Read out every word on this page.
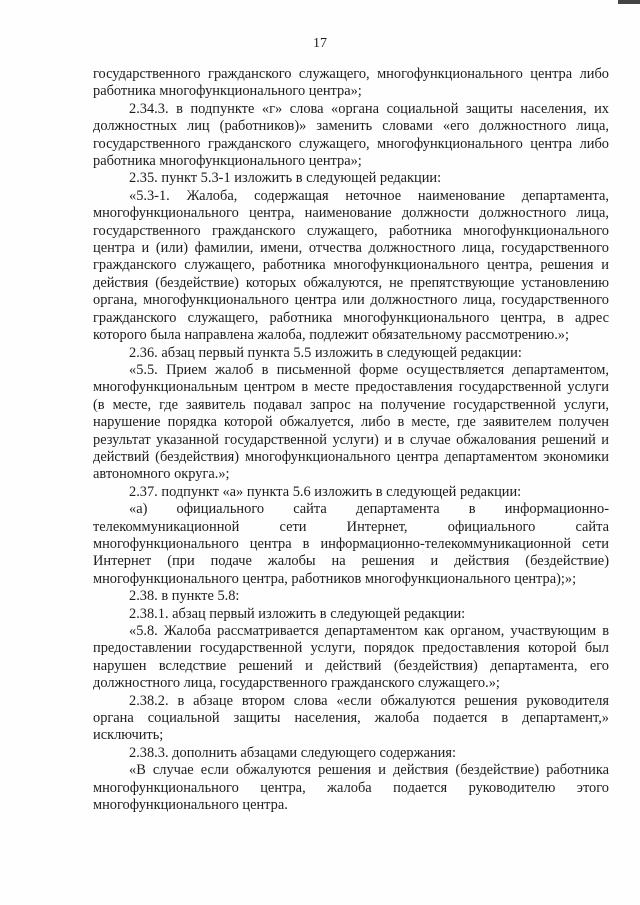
17

государственного гражданского служащего, многофункционального центра либо работника многофункционального центра»;

2.34.3. в подпункте «г» слова «органа социальной защиты населения, их должностных лиц (работников)» заменить словами «его должностного лица, государственного гражданского служащего, многофункционального центра либо работника многофункционального центра»;

2.35. пункт 5.3-1 изложить в следующей редакции:

«5.3-1. Жалоба, содержащая неточное наименование департамента, многофункционального центра, наименование должности должностного лица, государственного гражданского служащего, работника многофункционального центра и (или) фамилии, имени, отчества должностного лица, государственного гражданского служащего, работника многофункционального центра, решения и действия (бездействие) которых обжалуются, не препятствующие установлению органа, многофункционального центра или должностного лица, государственного гражданского служащего, работника многофункционального центра, в адрес которого была направлена жалоба, подлежит обязательному рассмотрению.»;

2.36. абзац первый пункта 5.5 изложить в следующей редакции:

«5.5. Прием жалоб в письменной форме осуществляется департаментом, многофункциональным центром в месте предоставления государственной услуги (в месте, где заявитель подавал запрос на получение государственной услуги, нарушение порядка которой обжалуется, либо в месте, где заявителем получен результат указанной государственной услуги) и в случае обжалования решений и действий (бездействия) многофункционального центра департаментом экономики автономного округа.»;

2.37. подпункт «а» пункта 5.6 изложить в следующей редакции:

«а) официального сайта департамента в информационно-телекоммуникационной сети Интернет, официального сайта многофункционального центра в информационно-телекоммуникационной сети Интернет (при подаче жалобы на решения и действия (бездействие) многофункционального центра, работников многофункционального центра);»;

2.38. в пункте 5.8:

2.38.1. абзац первый изложить в следующей редакции:

«5.8. Жалоба рассматривается департаментом как органом, участвующим в предоставлении государственной услуги, порядок предоставления которой был нарушен вследствие решений и действий (бездействия) департамента, его должностного лица, государственного гражданского служащего.»;

2.38.2. в абзаце втором слова «если обжалуются решения руководителя органа социальной защиты населения, жалоба подается в департамент,» исключить;

2.38.3. дополнить абзацами следующего содержания:

«В случае если обжалуются решения и действия (бездействие) работника многофункционального центра, жалоба подается руководителю этого многофункционального центра.
